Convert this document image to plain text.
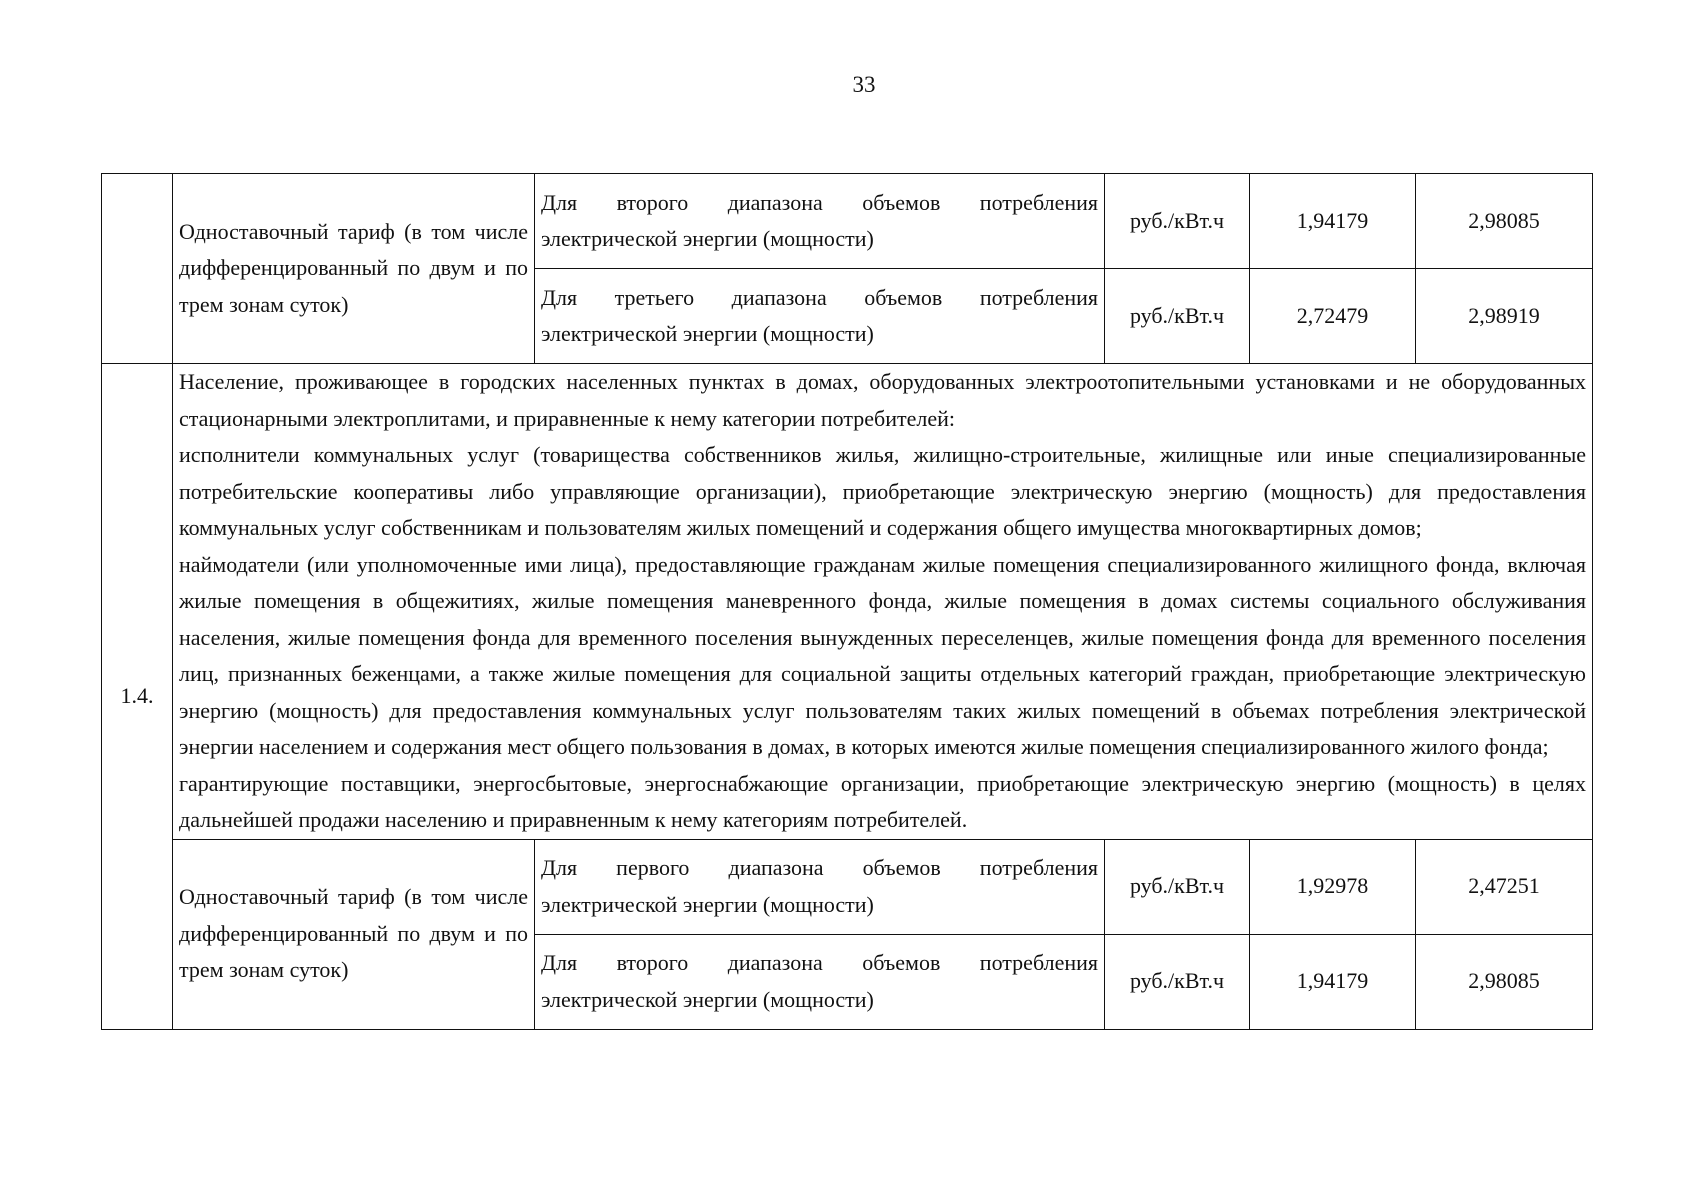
33
	Одноставочный тариф (в том числе дифференцированный по двум и по трем зонам суток)	Для второго диапазона объемов потребления электрической энергии (мощности)	руб./кВт.ч	1,94179	2,98085
		Для третьего диапазона объемов потребления электрической энергии (мощности)	руб./кВт.ч	2,72479	2,98919
1.4.	Население, проживающее в городских населенных пунктах в домах, оборудованных электроотопительными установками и не оборудованных стационарными электроплитами, и приравненные к нему категории потребителей:

исполнители коммунальных услуг (товарищества собственников жилья, жилищно-строительные, жилищные или иные специализированные потребительские кооперативы либо управляющие организации), приобретающие электрическую энергию (мощность) для предоставления коммунальных услуг собственникам и пользователям жилых помещений и содержания общего имущества многоквартирных домов;

наймодатели (или уполномоченные ими лица), предоставляющие гражданам жилые помещения специализированного жилищного фонда, включая жилые помещения в общежитиях, жилые помещения маневренного фонда, жилые помещения в домах системы социального обслуживания населения, жилые помещения фонда для временного поселения вынужденных переселенцев, жилые помещения фонда для временного поселения лиц, признанных беженцами, а также жилые помещения для социальной защиты отдельных категорий граждан, приобретающие электрическую энергию (мощность) для предоставления коммунальных услуг пользователям таких жилых помещений в объемах потребления электрической энергии населением и содержания мест общего пользования в домах, в которых имеются жилые помещения специализированного жилого фонда;

гарантирующие поставщики, энергосбытовые, энергоснабжающие организации, приобретающие электрическую энергию (мощность) в целях дальнейшей продажи населению и приравненным к нему категориям потребителей.				

	Одноставочный тариф (в том числе дифференцированный по двум и по трем зонам суток)	Для первого диапазона объемов потребления электрической энергии (мощности)	руб./кВт.ч	1,92978	2,47251
		Для второго диапазона объемов потребления электрической энергии (мощности)	руб./кВт.ч	1,94179	2,98085
